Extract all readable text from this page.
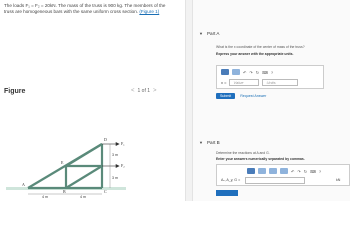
The loads F₁ = F₂ = 20kN. The mass of the truss is 900 kg. The members of the truss are homogeneous bars with the same uniform cross section. (Figure 1)
Figure	< 1 of 1 >
D
F₁
F₂
E
A
B	C
3 m
3 m
4 m	4 m
▼ Part A
What is the x coordinate of the center of mass of the truss?
Express your answer with the appropriate units.
↶ ↷ ↻ ⌨ ?
x =	Value	Units
Submit	Request Answer
▼ Part B
Determine the reactions at A and G.
Enter your answers numerically separated by commas.
↶ ↷ ↻ ⌨ ?
Aₓ, A_y, G =	kN
